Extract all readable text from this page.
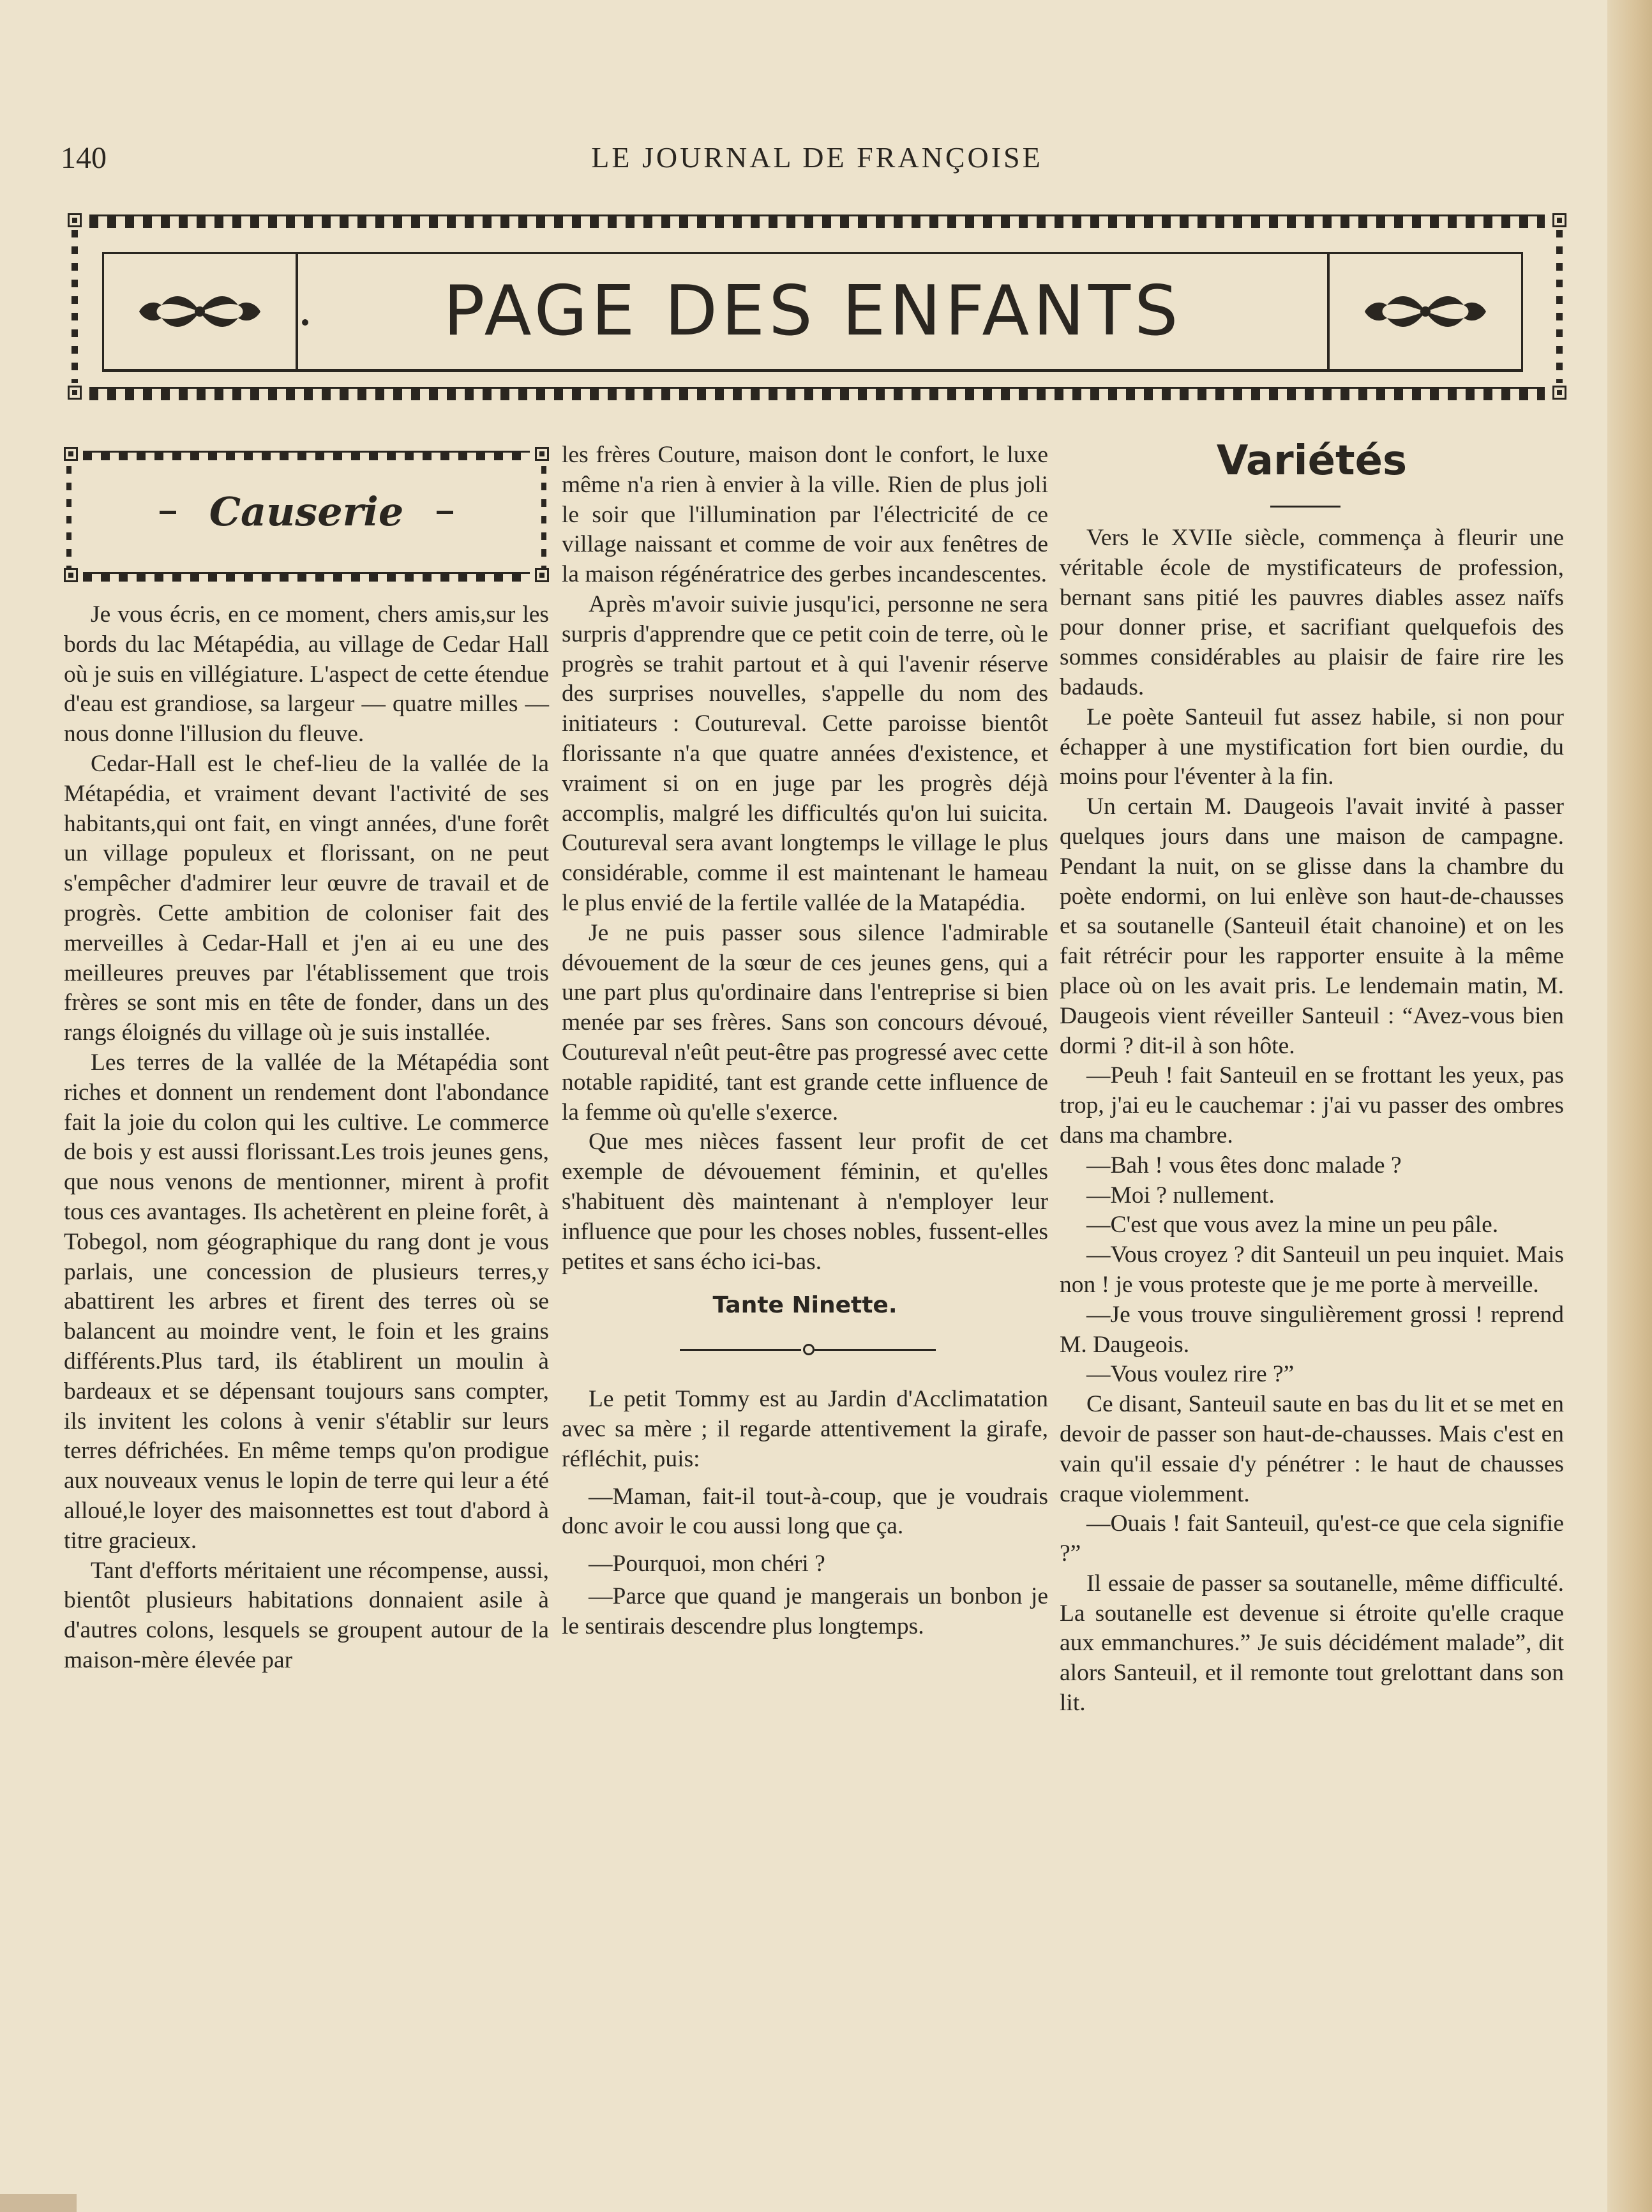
140	LE JOURNAL DE FRANÇOISE
PAGE DES ENFANTS
Causerie

Je vous écris, en ce moment, chers amis,sur les bords du lac Métapédia, au village de Cedar Hall où je suis en villégiature. L'aspect de cette étendue d'eau est grandiose, sa largeur — quatre milles — nous donne l'illusion du fleuve.

Cedar-Hall est le chef-lieu de la vallée de la Métapédia, et vraiment devant l'activité de ses habitants,qui ont fait, en vingt années, d'une forêt un village populeux et florissant, on ne peut s'empêcher d'admirer leur œuvre de travail et de progrès. Cette ambition de coloniser fait des merveilles à Cedar-Hall et j'en ai eu une des meilleures preuves par l'établissement que trois frères se sont mis en tête de fonder, dans un des rangs éloignés du village où je suis installée.

Les terres de la vallée de la Métapédia sont riches et donnent un rendement dont l'abondance fait la joie du colon qui les cultive. Le commerce de bois y est aussi florissant.Les trois jeunes gens, que nous venons de mentionner, mirent à profit tous ces avantages. Ils achetèrent en pleine forêt, à Tobegol, nom géographique du rang dont je vous parlais, une concession de plusieurs terres,y abattirent les arbres et firent des terres où se balancent au moindre vent, le foin et les grains différents.Plus tard, ils établirent un moulin à bardeaux et se dépensant toujours sans compter, ils invitent les colons à venir s'établir sur leurs terres défrichées. En même temps qu'on prodigue aux nouveaux venus le lopin de terre qui leur a été alloué,le loyer des maisonnettes est tout d'abord à titre gracieux.

Tant d'efforts méritaient une récompense, aussi, bientôt plusieurs habitations donnaient asile à d'autres colons, lesquels se groupent autour de la maison-mère élevée par

les frères Couture, maison dont le confort, le luxe même n'a rien à envier à la ville. Rien de plus joli le soir que l'illumination par l'électricité de ce village naissant et comme de voir aux fenêtres de la maison régénératrice des gerbes incandescentes.

Après m'avoir suivie jusqu'ici, personne ne sera surpris d'apprendre que ce petit coin de terre, où le progrès se trahit partout et à qui l'avenir réserve des surprises nouvelles, s'appelle du nom des initiateurs : Coutureval. Cette paroisse bientôt florissante n'a que quatre années d'existence, et vraiment si on en juge par les progrès déjà accomplis, malgré les difficultés qu'on lui suicita. Coutureval sera avant longtemps le village le plus considérable, comme il est maintenant le hameau le plus envié de la fertile vallée de la Matapédia.

Je ne puis passer sous silence l'admirable dévouement de la sœur de ces jeunes gens, qui a une part plus qu'ordinaire dans l'entreprise si bien menée par ses frères. Sans son concours dévoué, Coutureval n'eût peut-être pas progressé avec cette notable rapidité, tant est grande cette influence de la femme où qu'elle s'exerce.

Que mes nièces fassent leur profit de cet exemple de dévouement féminin, et qu'elles s'habituent dès maintenant à n'employer leur influence que pour les choses nobles, fussent-elles petites et sans écho ici-bas.

Tante Ninette.

Le petit Tommy est au Jardin d'Acclimatation avec sa mère ; il regarde attentivement la girafe, réfléchit, puis:

—Maman, fait-il tout-à-coup, que je voudrais donc avoir le cou aussi long que ça.

—Pourquoi, mon chéri ?

—Parce que quand je mangerais un bonbon je le sentirais descendre plus longtemps.

Variétés

Vers le XVIIe siècle, commença à fleurir une véritable école de mystificateurs de profession, bernant sans pitié les pauvres diables assez naïfs pour donner prise, et sacrifiant quelquefois des sommes considérables au plaisir de faire rire les badauds.

Le poète Santeuil fut assez habile, si non pour échapper à une mystification fort bien ourdie, du moins pour l'éventer à la fin.

Un certain M. Daugeois l'avait invité à passer quelques jours dans une maison de campagne. Pendant la nuit, on se glisse dans la chambre du poète endormi, on lui enlève son haut-de-chausses et sa soutanelle (Santeuil était chanoine) et on les fait rétrécir pour les rapporter ensuite à la même place où on les avait pris. Le lendemain matin, M. Daugeois vient réveiller Santeuil : “Avez-vous bien dormi ? dit-il à son hôte.

—Peuh ! fait Santeuil en se frottant les yeux, pas trop, j'ai eu le cauchemar : j'ai vu passer des ombres dans ma chambre.

—Bah ! vous êtes donc malade ?

—Moi ? nullement.

—C'est que vous avez la mine un peu pâle.

—Vous croyez ? dit Santeuil un peu inquiet. Mais non ! je vous proteste que je me porte à merveille.

—Je vous trouve singulièrement grossi ! reprend M. Daugeois.

—Vous voulez rire ?”

Ce disant, Santeuil saute en bas du lit et se met en devoir de passer son haut-de-chausses. Mais c'est en vain qu'il essaie d'y pénétrer : le haut de chausses craque violemment.

—Ouais ! fait Santeuil, qu'est-ce que cela signifie ?”

Il essaie de passer sa soutanelle, même difficulté. La soutanelle est devenue si étroite qu'elle craque aux emmanchures.” Je suis décidément malade”, dit alors Santeuil, et il remonte tout grelottant dans son lit.
